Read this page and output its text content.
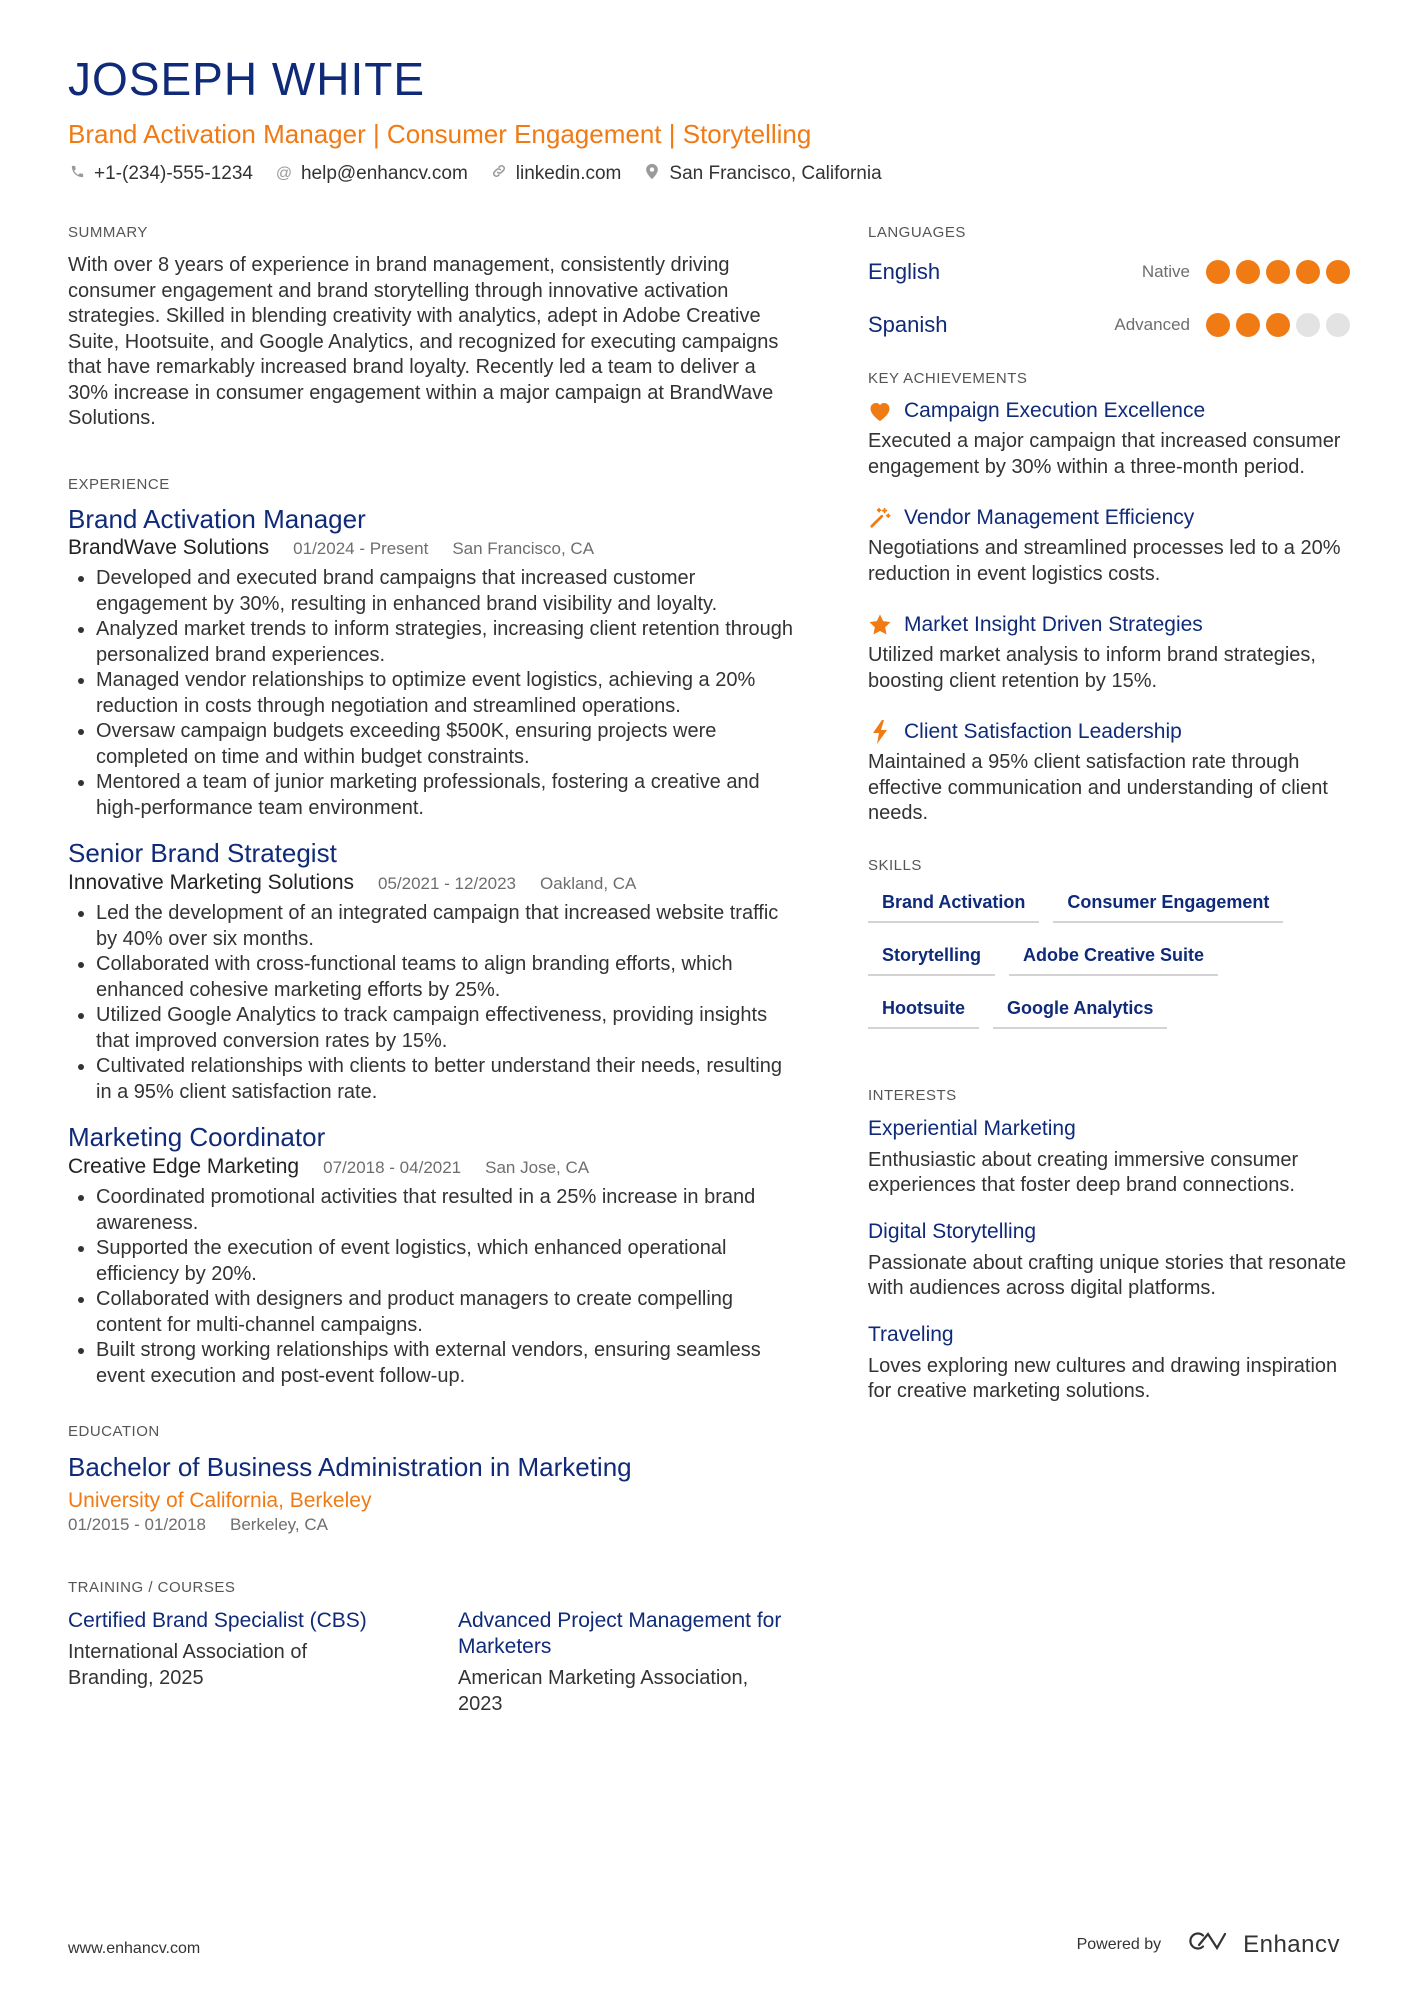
JOSEPH WHITE
Brand Activation Manager | Consumer Engagement | Storytelling
+1-(234)-555-1234 @ help@enhancv.com	linkedin.com	San Francisco, California
SUMMARY
With over 8 years of experience in brand management, consistently driving consumer engagement and brand storytelling through innovative activation strategies. Skilled in blending creativity with analytics, adept in Adobe Creative Suite, Hootsuite, and Google Analytics, and recognized for executing campaigns that have remarkably increased brand loyalty. Recently led a team to deliver a 30% increase in consumer engagement within a major campaign at BrandWave Solutions.
EXPERIENCE
Brand Activation Manager
BrandWave Solutions 01/2024 - Present San Francisco, CA
• Developed and executed brand campaigns that increased customer engagement by 30%, resulting in enhanced brand visibility and loyalty.
• Analyzed market trends to inform strategies, increasing client retention through personalized brand experiences.
• Managed vendor relationships to optimize event logistics, achieving a 20% reduction in costs through negotiation and streamlined operations.
• Oversaw campaign budgets exceeding $500K, ensuring projects were completed on time and within budget constraints.
• Mentored a team of junior marketing professionals, fostering a creative and high-performance team environment.
Senior Brand Strategist
Innovative Marketing Solutions 05/2021 - 12/2023 Oakland, CA
• Led the development of an integrated campaign that increased website traffic by 40% over six months.
• Collaborated with cross-functional teams to align branding efforts, which enhanced cohesive marketing efforts by 25%.
• Utilized Google Analytics to track campaign effectiveness, providing insights that improved conversion rates by 15%.
• Cultivated relationships with clients to better understand their needs, resulting in a 95% client satisfaction rate.
Marketing Coordinator
Creative Edge Marketing 07/2018 - 04/2021 San Jose, CA
• Coordinated promotional activities that resulted in a 25% increase in brand awareness.
• Supported the execution of event logistics, which enhanced operational efficiency by 20%.
• Collaborated with designers and product managers to create compelling content for multi-channel campaigns.
• Built strong working relationships with external vendors, ensuring seamless event execution and post-event follow-up.
EDUCATION
Bachelor of Business Administration in Marketing
University of California, Berkeley
01/2015 - 01/2018 Berkeley, CA
TRAINING / COURSES
Certified Brand Specialist (CBS)
International Association of Branding, 2025
Advanced Project Management for Marketers
American Marketing Association, 2023
LANGUAGES
English	Native
Spanish	Advanced
KEY ACHIEVEMENTS
Campaign Execution Excellence
Executed a major campaign that increased consumer engagement by 30% within a three-month period.
Vendor Management Efficiency
Negotiations and streamlined processes led to a 20% reduction in event logistics costs.
Market Insight Driven Strategies
Utilized market analysis to inform brand strategies, boosting client retention by 15%.
Client Satisfaction Leadership
Maintained a 95% client satisfaction rate through effective communication and understanding of client needs.
SKILLS
Brand Activation	Consumer Engagement
Storytelling	Adobe Creative Suite
Hootsuite	Google Analytics
INTERESTS
Experiential Marketing
Enthusiastic about creating immersive consumer experiences that foster deep brand connections.
Digital Storytelling
Passionate about crafting unique stories that resonate with audiences across digital platforms.
Traveling
Loves exploring new cultures and drawing inspiration for creative marketing solutions.
www.enhancv.com	Powered by	Enhancv
